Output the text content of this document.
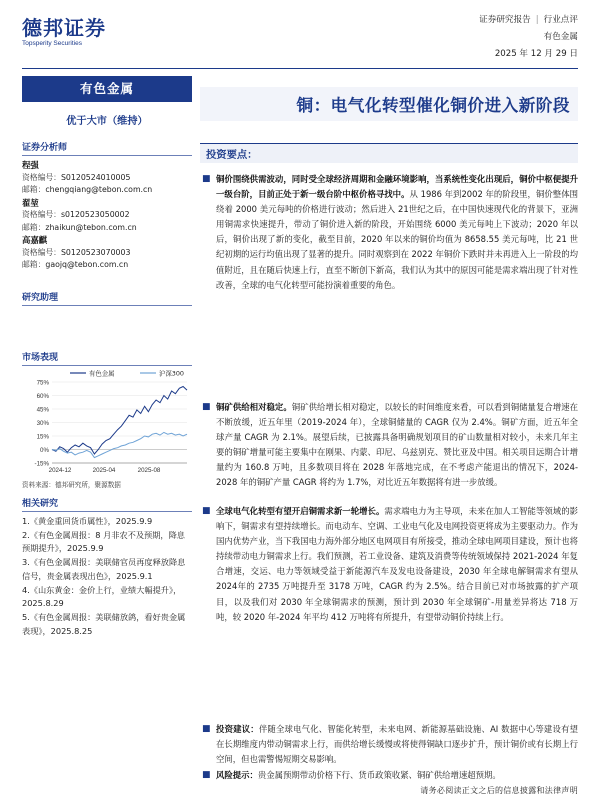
德邦证券
Topsperity Securities
证券研究报告 | 行业点评
有色金属
2025 年 12 月 29 日
有色金属
优于大市（维持）
证券分析师
程强
资格编号：S0120524010005
邮箱：chengqiang@tebon.com.cn
翟堃
资格编号：s0120523050002
邮箱：zhaikun@tebon.com.cn
高嘉麒
资格编号：S0120523070003
邮箱：gaojq@tebon.com.cn
研究助理
市场表现
75%
60%
45%
30%
15%
0%
-15%
2024-12	2025-04	2025-08
有色金属	沪深300
资料来源：德邦研究所，聚源数据
相关研究
1.《黄金重回货币属性》，2025.9.9
2.《有色金属周报：8 月非农不及预期，降息预期提升》，2025.9.9
3.《有色金属周报：美联储官员再度释放降息信号，贵金属表现出色》，2025.9.1
4.《山东黄金：金价上行，业绩大幅提升》，2025.8.29
5.《有色金属周报：美联储放鸽，看好贵金属表现》，2025.8.25
铜：电气化转型催化铜价进入新阶段
投资要点：
■ 铜价围绕供需波动，同时受全球经济周期和金融环境影响，当系统性变化出现后，铜价中枢便提升一级台阶，目前正处于新一级台阶中枢价格寻找中。从 1986 年到2002 年的阶段里，铜价整体围绕着 2000 美元每吨的价格进行波动；然后进入 21世纪之后，在中国快速现代化的背景下，亚洲用铜需求快速提升，带动了铜价进入新的阶段，开始围绕 6000 美元每吨上下波动；2020 年以后，铜价出现了新的变化，截至目前，2020 年以来的铜价均值为 8658.55 美元每吨，比 21 世纪初期的运行均值出现了显著的提升。同时观察到在 2022 年铜价下跌时并未再进入上一阶段的均值附近，且在随后快速上行，直至不断创下新高，我们认为其中的原因可能是需求端出现了针对性改善，全球的电气化转型可能扮演着重要的角色。
■ 铜矿供给相对稳定。铜矿供给增长相对稳定，以较长的时间维度来看，可以看到铜储量复合增速在不断放缓，近五年里（2019-2024 年），全球铜储量的 CAGR 仅为 2.4%。铜矿方面，近五年全球产量 CAGR 为 2.1%。展望后续，已披露具备明确规划项目的矿山数量相对较小，未来几年主要的铜矿增量可能主要集中在刚果、内蒙、印尼、乌兹别克、赞比亚及中国。相关项目远期合计增量约为 160.8 万吨，且多数项目将在 2028 年落地完成，在不考虑产能退出的情况下，2024-2028 年的铜矿产量 CAGR 将约为 1.7%，对比近五年数据将有进一步放缓。
■ 全球电气化转型有望开启铜需求新一轮增长。需求端电力为主导项，未来在加人工智能等领域的影响下，铜需求有望持续增长。而电动车、空调、工业电气化及电网投资更将成为主要驱动力。作为国内优势产业，当下我国电力海外部分地区电网项目有所接受，推动全球电网项目建设，预计也将持续带动电力铜需求上行。我们预测，若工业设备、建筑及消费等传统领域保持 2021-2024 年复合增速，交运、电力等领域受益于新能源汽车及发电设备建设，2030 年全球电解铜需求有望从 2024年的 2735 万吨提升至 3178 万吨，CAGR 约为 2.5%。结合目前已对市场披露的扩产项目，以及我们对 2030 年全球铜需求的预测，预计到 2030 年全球铜矿-用量差异将达 718 万吨，较 2020 年-2024 年平均 412 万吨将有所提升，有望带动铜价持续上行。
■ 投资建议：伴随全球电气化、智能化转型，未来电网、新能源基础设施、AI 数据中心等建设有望在长期维度内带动铜需求上行，而供给增长缓慢或将使得铜缺口逐步扩升，预计铜价或有长期上行空间，但也需警惕短期交易影响。
■ 风险提示：贵金属预期带动价格下行、货币政策收紧、铜矿供给增速超预期。
请务必阅读正文之后的信息披露和法律声明
